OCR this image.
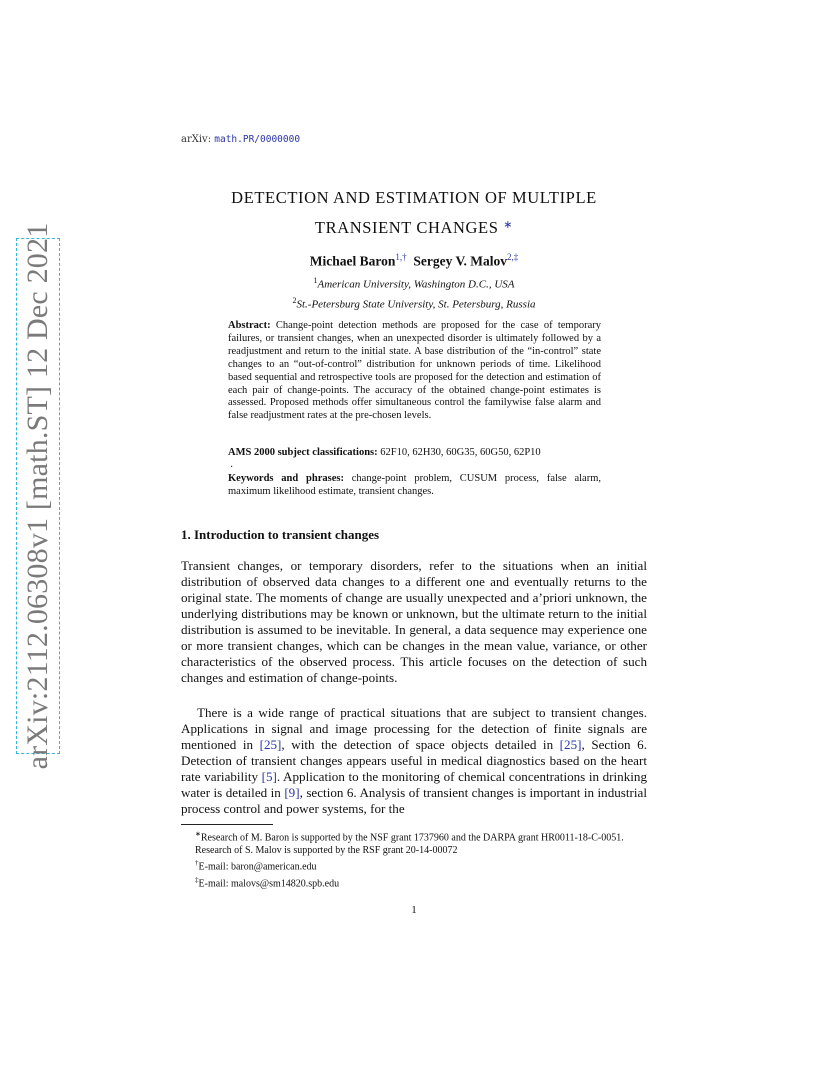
arXiv:2112.06308v1 [math.ST] 12 Dec 2021
arXiv: math.PR/0000000
DETECTION AND ESTIMATION OF MULTIPLE
TRANSIENT CHANGES ∗
Michael Baron$^{1,\dagger}$ Sergey V. Malov$^{2,\ddagger}$
$^1$American University, Washington D.C., USA
$^2$St.-Petersburg State University, St. Petersburg, Russia
Abstract: Change-point detection methods are proposed for the case of temporary failures, or transient changes, when an unexpected disorder is ultimately followed by a readjustment and return to the initial state. A base distribution of the “in-control” state changes to an “out-of-control” distribution for unknown periods of time. Likelihood based sequential and retrospective tools are proposed for the detection and estimation of each pair of change-points. The accuracy of the obtained change-point estimates is assessed. Proposed methods offer simultaneous control the familywise false alarm and false readjustment rates at the pre-chosen levels.
AMS 2000 subject classifications: 62F10, 62H30, 60G35, 60G50, 62P10
.
Keywords and phrases: change-point problem, CUSUM process, false alarm, maximum likelihood estimate, transient changes.
1. Introduction to transient changes
Transient changes, or temporary disorders, refer to the situations when an initial distribution of observed data changes to a different one and eventually returns to the original state. The moments of change are usually unexpected and a’priori unknown, the underlying distributions may be known or unknown, but the ultimate return to the initial distribution is assumed to be inevitable. In general, a data sequence may experience one or more transient changes, which can be changes in the mean value, variance, or other characteristics of the observed process. This article focuses on the detection of such changes and estimation of change-points.
There is a wide range of practical situations that are subject to transient changes. Applications in signal and image processing for the detection of finite signals are mentioned in [25], with the detection of space objects detailed in [25], Section 6. Detection of transient changes appears useful in medical diagnostics based on the heart rate variability [5]. Application to the monitoring of chemical concentrations in drinking water is detailed in [9], section 6. Analysis of transient changes is important in industrial process control and power systems, for the

∗Research of M. Baron is supported by the NSF grant 1737960 and the DARPA grant HR0011-18-C-0051. Research of S. Malov is supported by the RSF grant 20-14-00072

†E-mail: baron@american.edu

‡E-mail: malovs@sm14820.spb.edu

1
